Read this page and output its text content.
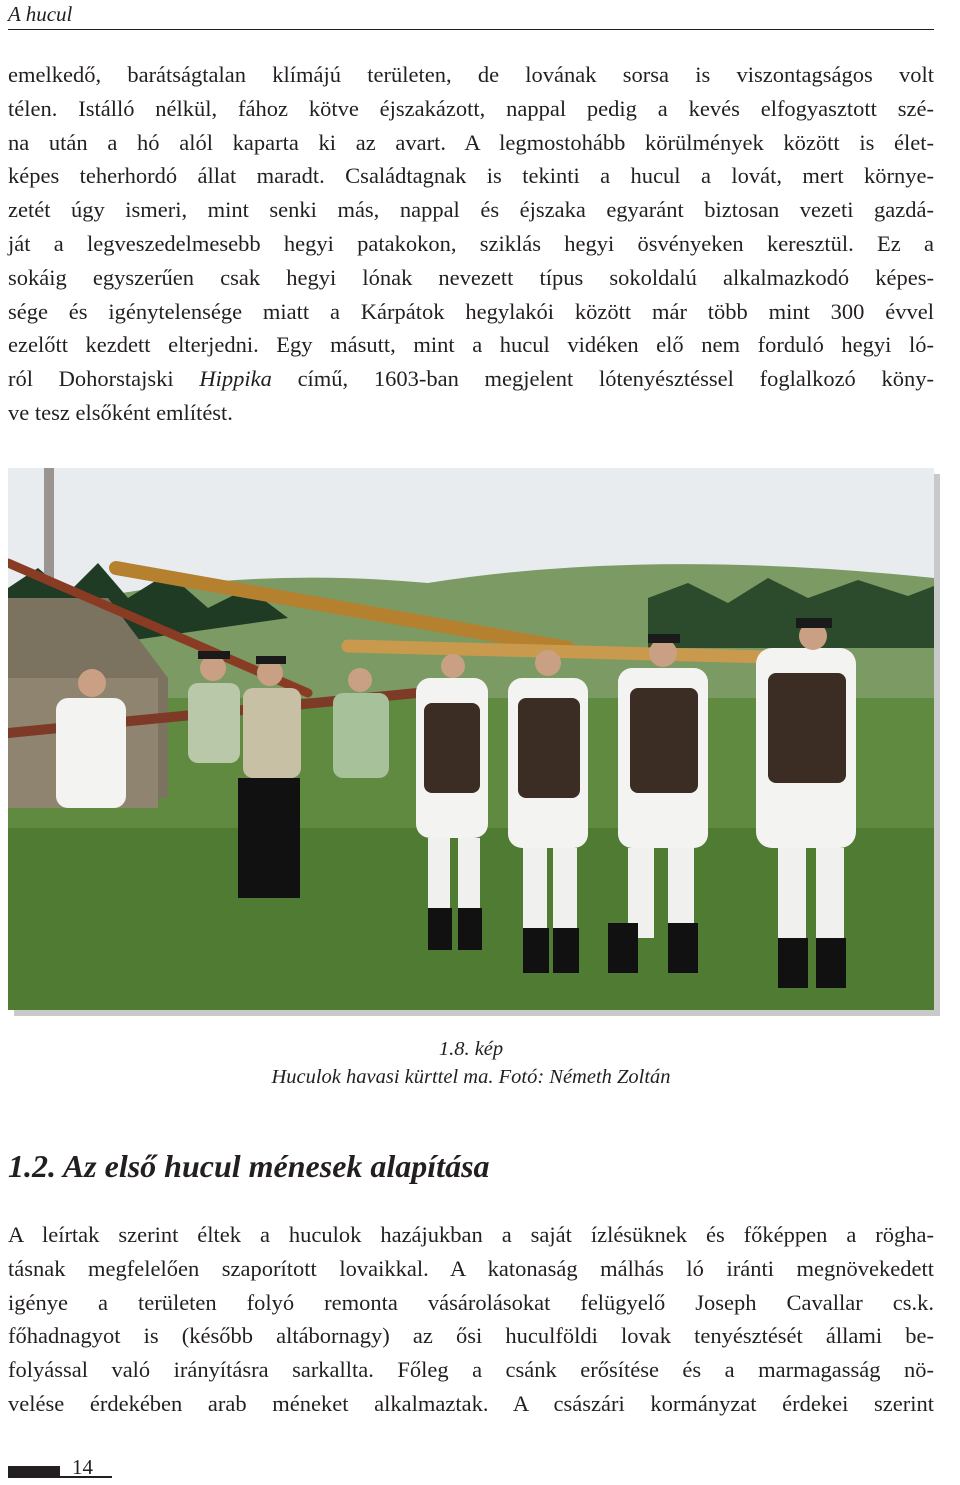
A hucul
emelkedő, barátságtalan klímájú területen, de lovának sorsa is viszontagságos volt
télen. Istálló nélkül, fához kötve éjszakázott, nappal pedig a kevés elfogyasztott szé-
na után a hó alól kaparta ki az avart. A legmostohább körülmények között is élet-
képes teherhordó állat maradt. Családtagnak is tekinti a hucul a lovát, mert környe-
zetét úgy ismeri, mint senki más, nappal és éjszaka egyaránt biztosan vezeti gazdá-
ját a legveszedelmesebb hegyi patakokon, sziklás hegyi ösvényeken keresztül. Ez a
sokáig egyszerűen csak hegyi lónak nevezett típus sokoldalú alkalmazkodó képes-
sége és igénytelensége miatt a Kárpátok hegylakói között már több mint 300 évvel
ezelőtt kezdett elterjedni. Egy másutt, mint a hucul vidéken elő nem forduló hegyi ló-
ról Dohorstajski Hippika című, 1603-ban megjelent lótenyésztéssel foglalkozó köny-
ve tesz elsőként említést.
1.8. kép
Huculok havasi kürttel ma. Fotó: Németh Zoltán
1.2. Az első hucul ménesek alapítása
A leírtak szerint éltek a huculok hazájukban a saját ízlésüknek és főképpen a rögha-
tásnak megfelelően szaporított lovaikkal. A katonaság málhás ló iránti megnövekedett
igénye a területen folyó remonta vásárolásokat felügyelő Joseph Cavallar cs.k.
főhadnagyot is (később altábornagy) az ősi huculföldi lovak tenyésztését állami be-
folyással való irányításra sarkallta. Főleg a csánk erősítése és a marmagasság nö-
velése érdekében arab méneket alkalmaztak. A császári kormányzat érdekei szerint
14
